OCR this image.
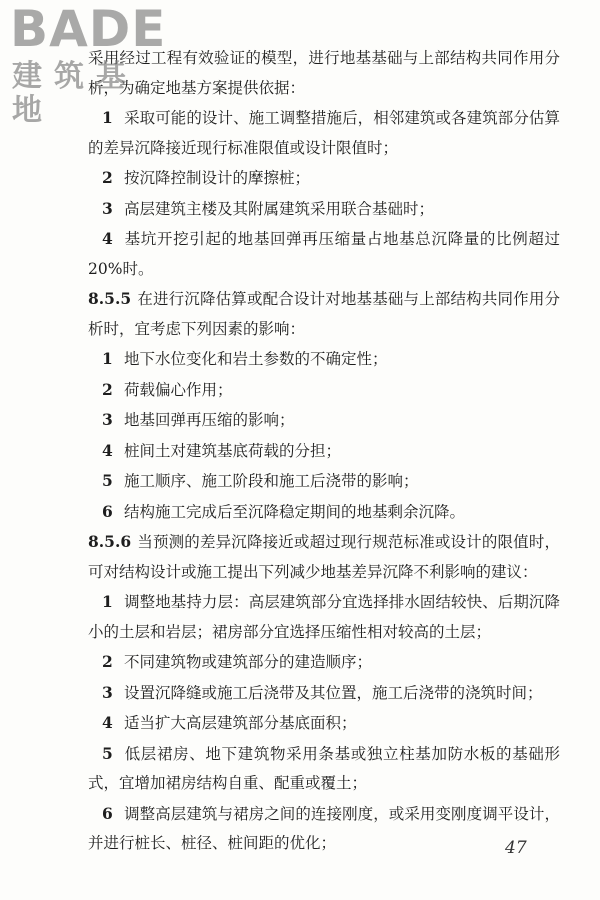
BADE
建筑基地

采用经过工程有效验证的模型，进行地基基础与上部结构共同作用分析，为确定地基方案提供依据：

1 采取可能的设计、施工调整措施后，相邻建筑或各建筑部分估算的差异沉降接近现行标准限值或设计限值时；

2 按沉降控制设计的摩擦桩；

3 高层建筑主楼及其附属建筑采用联合基础时；

4 基坑开挖引起的地基回弹再压缩量占地基总沉降量的比例超过 20%时。

8.5.5 在进行沉降估算或配合设计对地基基础与上部结构共同作用分析时，宜考虑下列因素的影响：

1 地下水位变化和岩土参数的不确定性；

2 荷载偏心作用；

3 地基回弹再压缩的影响；

4 桩间土对建筑基底荷载的分担；

5 施工顺序、施工阶段和施工后浇带的影响；

6 结构施工完成后至沉降稳定期间的地基剩余沉降。

8.5.6 当预测的差异沉降接近或超过现行规范标准或设计的限值时，可对结构设计或施工提出下列减少地基差异沉降不利影响的建议：

1 调整地基持力层：高层建筑部分宜选择排水固结较快、后期沉降小的土层和岩层；裙房部分宜选择压缩性相对较高的土层；

2 不同建筑物或建筑部分的建造顺序；

3 设置沉降缝或施工后浇带及其位置，施工后浇带的浇筑时间；

4 适当扩大高层建筑部分基底面积；

5 低层裙房、地下建筑物采用条基或独立柱基加防水板的基础形式，宜增加裙房结构自重、配重或覆土；

6 调整高层建筑与裙房之间的连接刚度，或采用变刚度调平设计，并进行桩长、桩径、桩间距的优化；	47
